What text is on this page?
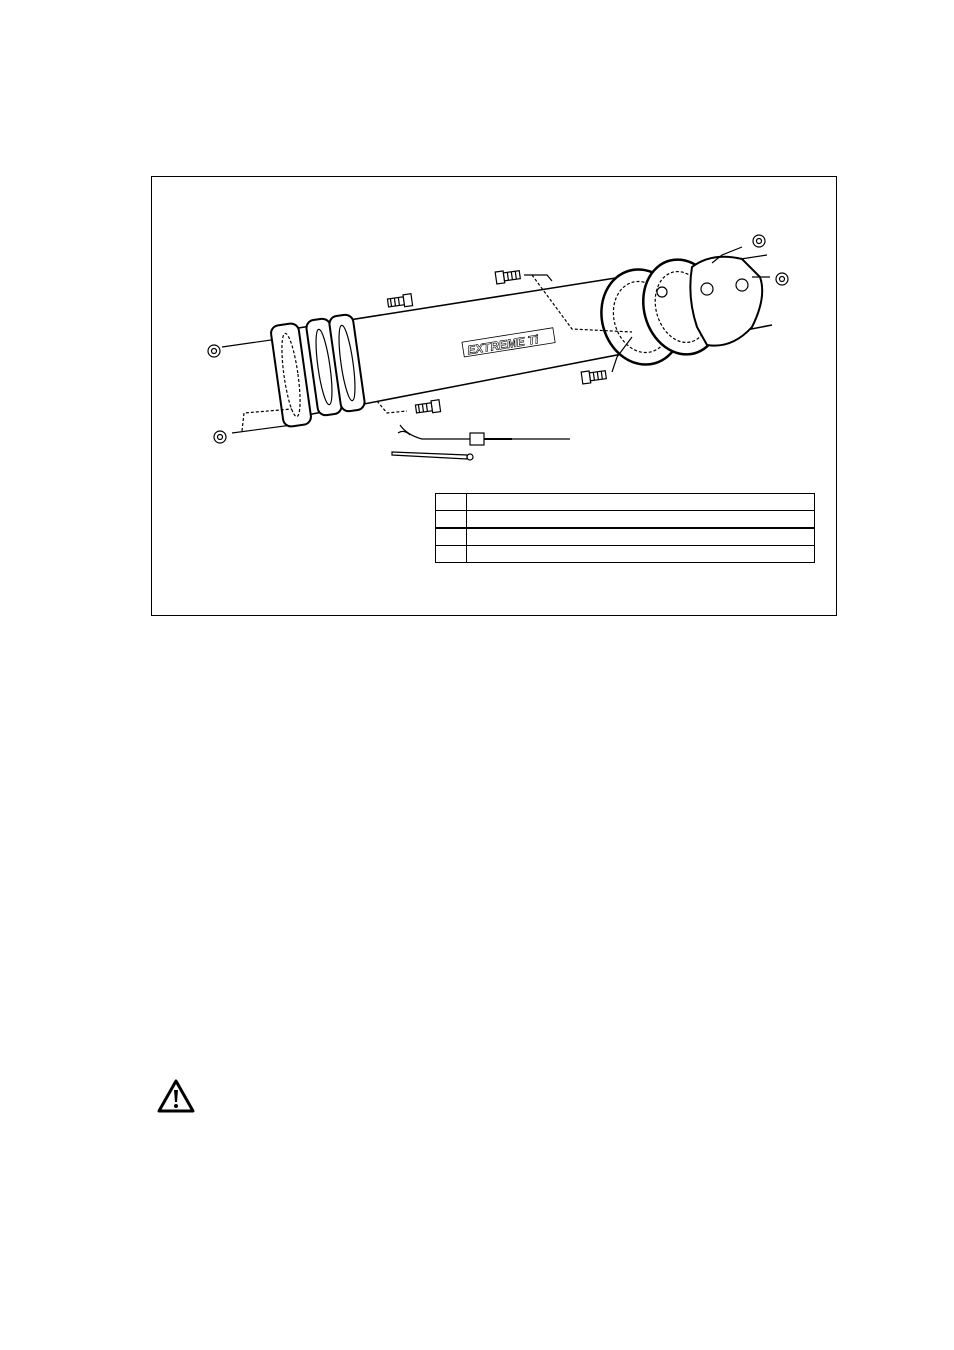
EXTREME Ti
